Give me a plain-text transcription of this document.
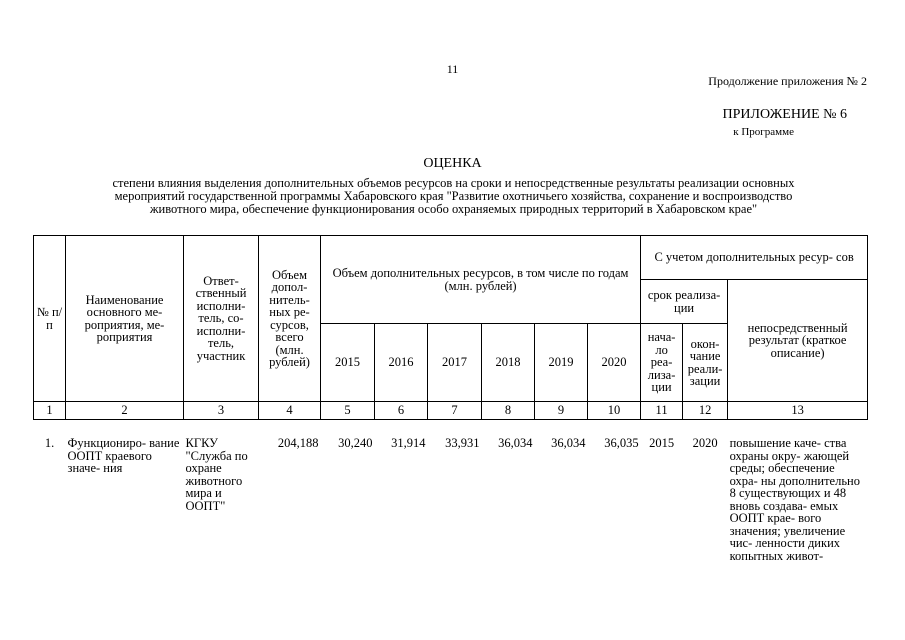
11
Продолжение приложения № 2
ПРИЛОЖЕНИЕ № 6
к Программе
ОЦЕНКА
степени влияния выделения дополнительных объемов ресурсов на сроки и непосредственные результаты реализации основных
мероприятий государственной программы Хабаровского края "Развитие охотничьего хозяйства, сохранение и воспроизводство
животного мира, обеспечение функционирования особо охраняемых природных территорий в Хабаровском крае"
№ п/п	Наименование основного ме- роприятия, ме- роприятия	Ответ- ственный исполни- тель, со- исполни- тель, участник	Объем допол- нитель- ных ре- сурсов, всего (млн. рублей)	Объем дополнительных ресурсов, в том числе по годам (млн. рублей)						С учетом дополнительных ресур- сов		
										срок реализа- ции		непосредственный результат (краткое описание)
				2015	2016	2017	2018	2019	2020	нача- ло реа- лиза- ции	окон- чание реали- зации	
1	2	3	4	5	6	7	8	9	10	11	12	13
1.	Функциониро- вание ООПТ краевого значе- ния	КГКУ "Служба по охране животного мира и ООПТ"	204,188	30,240	31,914	33,931	36,034	36,034	36,035	2015	2020	повышение каче- ства охраны окру- жающей среды; обеспечение охра- ны дополнительно 8 существующих и 48 вновь создава- емых ООПТ крае- вого значения; увеличение чис- ленности диких копытных живот-
